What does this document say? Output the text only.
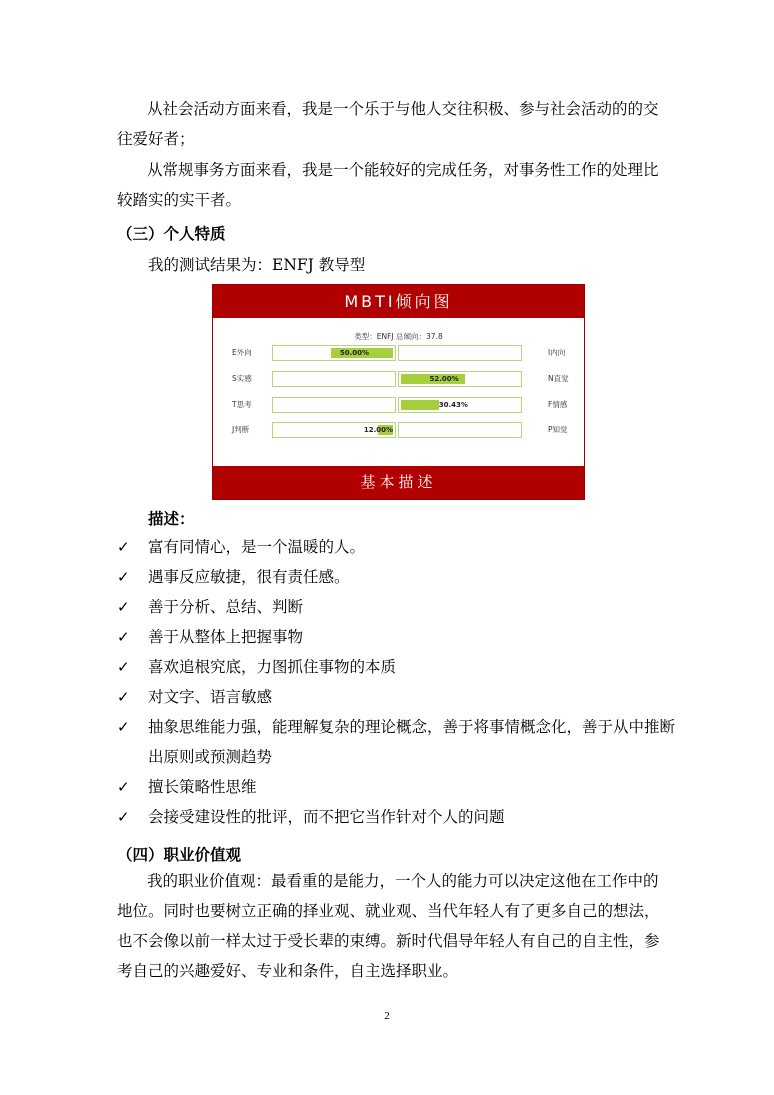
从社会活动方面来看，我是一个乐于与他人交往积极、参与社会活动的的交往爱好者；

从常规事务方面来看，我是一个能较好的完成任务，对事务性工作的处理比较踏实的实干者。

（三）个人特质

我的测试结果为：ENFJ 教导型

MBTI倾向图
类型：ENFJ 总倾向：37.8
E外向	50.00%	I内向
S实感	52.00%	N直觉
T思考	30.43%	F情感
J判断	12.00%	P知觉
基本描述

描述：

✓ 富有同情心，是一个温暖的人。
✓ 遇事反应敏捷，很有责任感。
✓ 善于分析、总结、判断
✓ 善于从整体上把握事物
✓ 喜欢追根究底，力图抓住事物的本质
✓ 对文字、语言敏感
✓ 抽象思维能力强，能理解复杂的理论概念，善于将事情概念化，善于从中推断出原则或预测趋势
✓ 擅长策略性思维
✓ 会接受建设性的批评，而不把它当作针对个人的问题

（四）职业价值观

我的职业价值观：最看重的是能力，一个人的能力可以决定这他在工作中的地位。同时也要树立正确的择业观、就业观、当代年轻人有了更多自己的想法，也不会像以前一样太过于受长辈的束缚。新时代倡导年轻人有自己的自主性，参考自己的兴趣爱好、专业和条件，自主选择职业。

2
